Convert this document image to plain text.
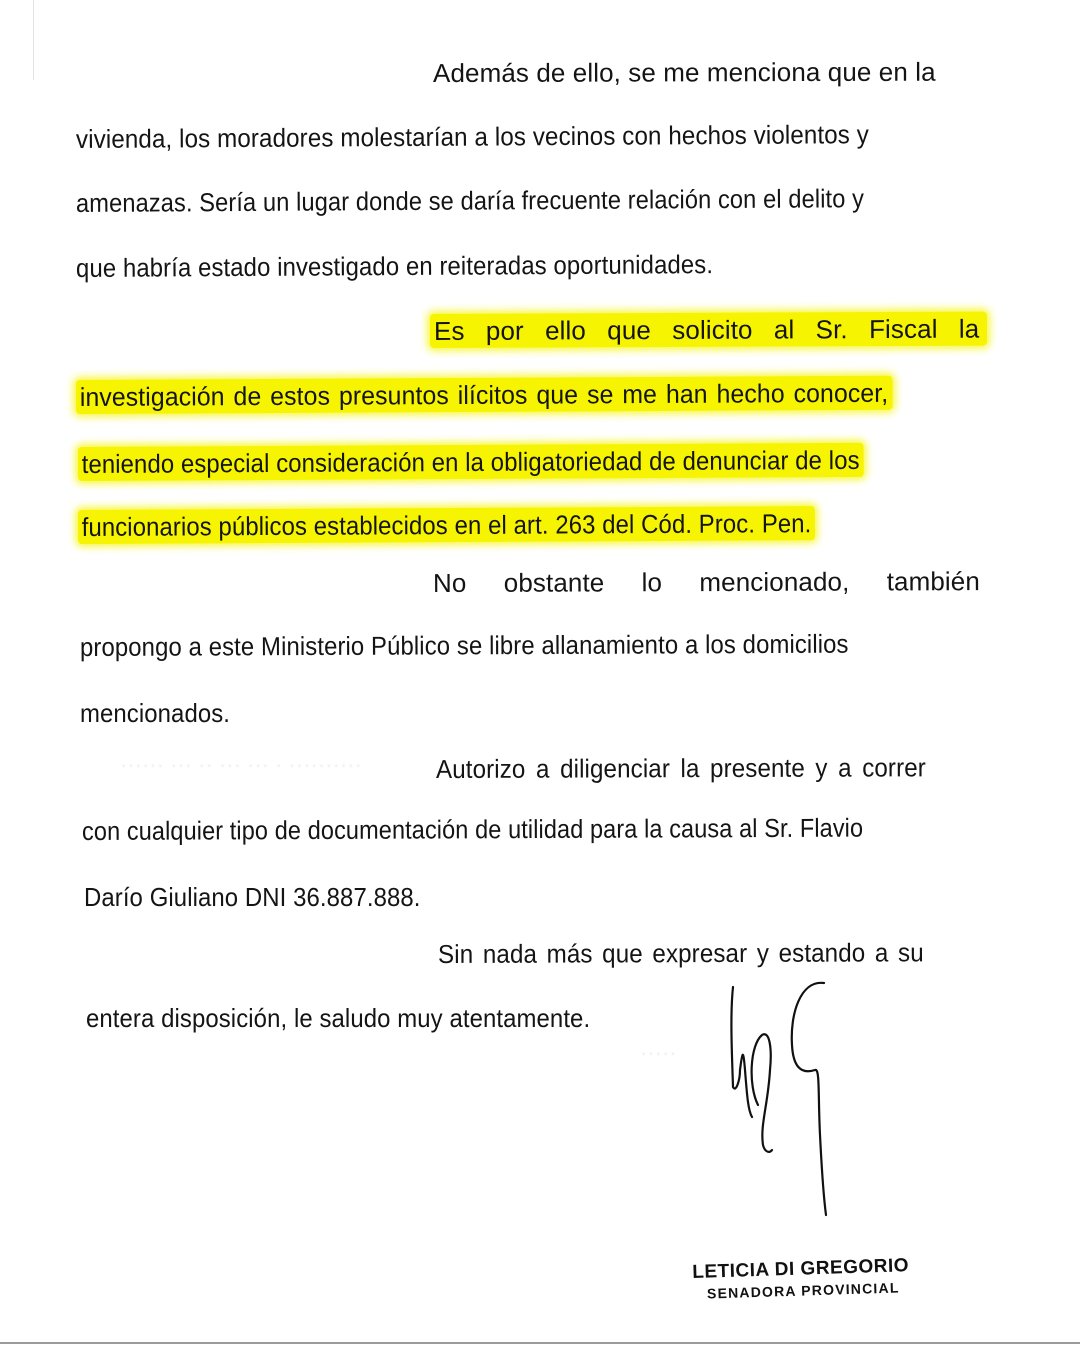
······ ··· ·· ··· ··· · ··········
·····
Además de ello, se me menciona que en la
vivienda, los moradores molestarían a los vecinos con hechos violentos y
amenazas. Sería un lugar donde se daría frecuente relación con el delito y
que habría estado investigado en reiteradas oportunidades.
Es por ello que solicito al Sr. Fiscal la
investigación de estos presuntos ilícitos que se me han hecho conocer,
teniendo especial consideración en la obligatoriedad de denunciar de los
funcionarios públicos establecidos en el art. 263 del Cód. Proc. Pen.
No obstante lo mencionado, también
propongo a este Ministerio Público se libre allanamiento a los domicilios
mencionados.
Autorizo a diligenciar la presente y a correr
con cualquier tipo de documentación de utilidad para la causa al Sr. Flavio
Darío Giuliano DNI 36.887.888.
Sin nada más que expresar y estando a su
entera disposición, le saludo muy atentamente.
LETICIA DI GREGORIO
SENADORA PROVINCIAL
